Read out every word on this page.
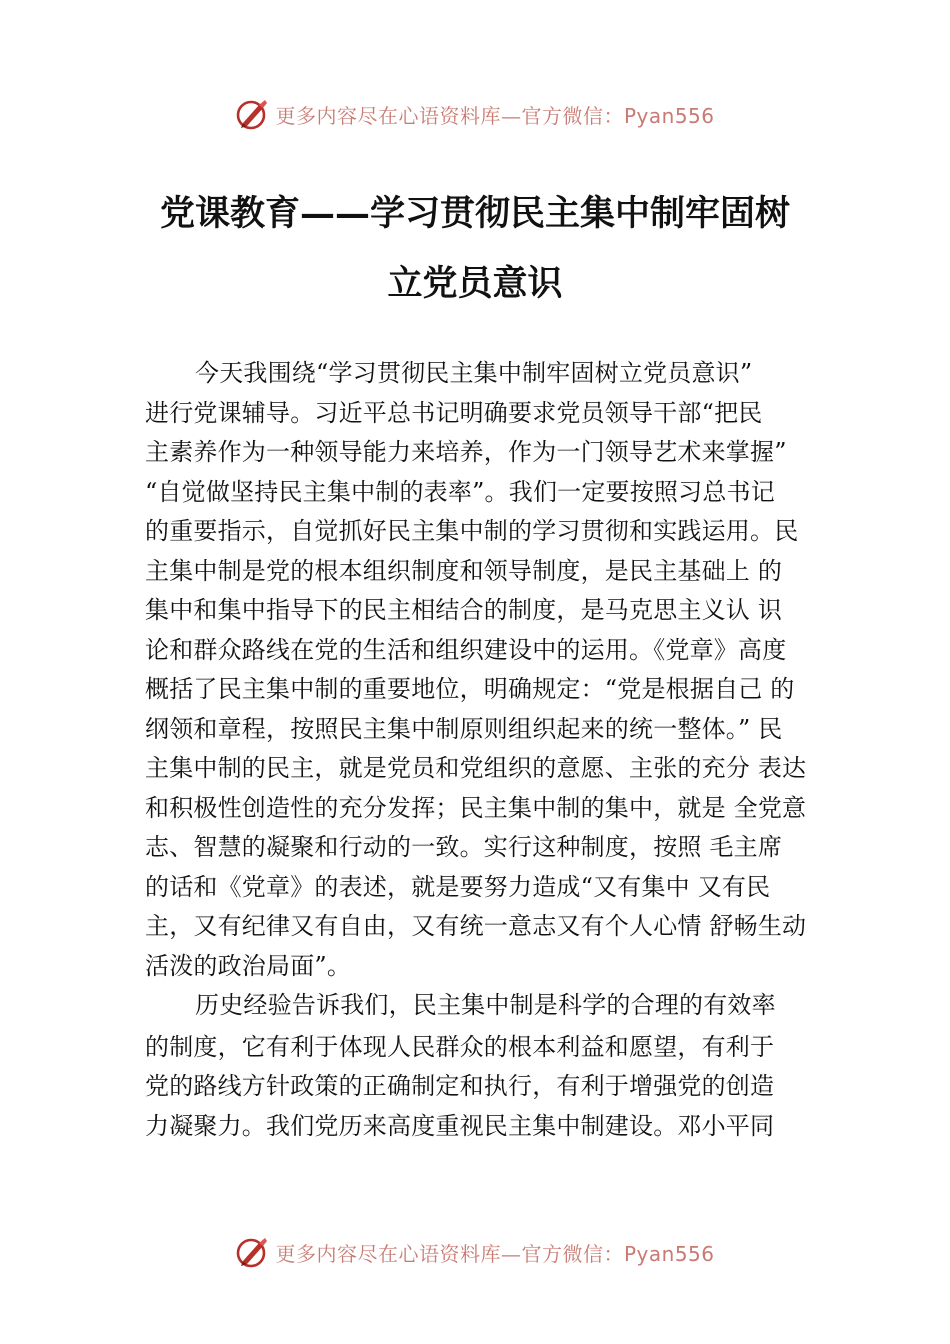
更多内容尽在心语资料库—官方微信：Pyan556
党课教育——学习贯彻民主集中制牢固树
立党员意识
今天我围绕“学习贯彻民主集中制牢固树立党员意识”
进行党课辅导。习近平总书记明确要求党员领导干部“把民
主素养作为一种领导能力来培养，作为一门领导艺术来掌握”
“自觉做坚持民主集中制的表率”。我们一定要按照习总书记
的重要指示，自觉抓好民主集中制的学习贯彻和实践运用。民
主集中制是党的根本组织制度和领导制度，是民主基础上 的
集中和集中指导下的民主相结合的制度，是马克思主义认 识
论和群众路线在党的生活和组织建设中的运用。《党章》高度
概括了民主集中制的重要地位，明确规定：“党是根据自己 的
纲领和章程，按照民主集中制原则组织起来的统一整体。” 民
主集中制的民主，就是党员和党组织的意愿、主张的充分 表达
和积极性创造性的充分发挥；民主集中制的集中，就是 全党意
志、智慧的凝聚和行动的一致。实行这种制度，按照 毛主席
的话和《党章》的表述，就是要努力造成“又有集中 又有民
主，又有纪律又有自由，又有统一意志又有个人心情 舒畅生动
活泼的政治局面”。
历史经验告诉我们，民主集中制是科学的合理的有效率
的制度，它有利于体现人民群众的根本利益和愿望，有利于
党的路线方针政策的正确制定和执行，有利于增强党的创造
力凝聚力。我们党历来高度重视民主集中制建设。邓小平同
更多内容尽在心语资料库—官方微信：Pyan556
